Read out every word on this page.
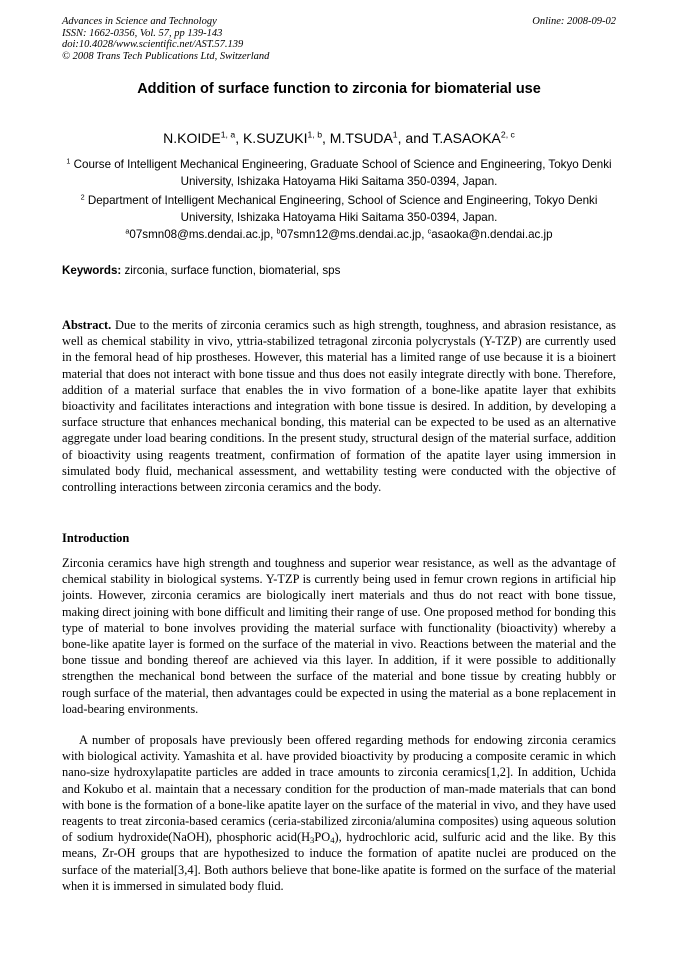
Advances in Science and Technology
ISSN: 1662-0356, Vol. 57, pp 139-143
doi:10.4028/www.scientific.net/AST.57.139
© 2008 Trans Tech Publications Ltd, Switzerland
Online: 2008-09-02
Addition of surface function to zirconia for biomaterial use
N.KOIDE$^{1, a}$, K.SUZUKI$^{1, b}$, M.TSUDA$^1$, and T.ASAOKA$^{2, c}$
$^1$ Course of Intelligent Mechanical Engineering, Graduate School of Science and Engineering, Tokyo Denki University, Ishizaka Hatoyama Hiki Saitama 350-0394, Japan.
$^2$ Department of Intelligent Mechanical Engineering, School of Science and Engineering, Tokyo Denki University, Ishizaka Hatoyama Hiki Saitama 350-0394, Japan.
$^a$07smn08@ms.dendai.ac.jp, $^b$07smn12@ms.dendai.ac.jp, $^c$asaoka@n.dendai.ac.jp
Keywords: zirconia, surface function, biomaterial, sps

Abstract. Due to the merits of zirconia ceramics such as high strength, toughness, and abrasion resistance, as well as chemical stability in vivo, yttria-stabilized tetragonal zirconia polycrystals (Y-TZP) are currently used in the femoral head of hip prostheses. However, this material has a limited range of use because it is a bioinert material that does not interact with bone tissue and thus does not easily integrate directly with bone. Therefore, addition of a material surface that enables the in vivo formation of a bone-like apatite layer that exhibits bioactivity and facilitates interactions and integration with bone tissue is desired. In addition, by developing a surface structure that enhances mechanical bonding, this material can be expected to be used as an alternative aggregate under load bearing conditions. In the present study, structural design of the material surface, addition of bioactivity using reagents treatment, confirmation of formation of the apatite layer using immersion in simulated body fluid, mechanical assessment, and wettability testing were conducted with the objective of controlling interactions between zirconia ceramics and the body.

Introduction

Zirconia ceramics have high strength and toughness and superior wear resistance, as well as the advantage of chemical stability in biological systems. Y-TZP is currently being used in femur crown regions in artificial hip joints. However, zirconia ceramics are biologically inert materials and thus do not react with bone tissue, making direct joining with bone difficult and limiting their range of use. One proposed method for bonding this type of material to bone involves providing the material surface with functionality (bioactivity) whereby a bone-like apatite layer is formed on the surface of the material in vivo. Reactions between the material and the bone tissue and bonding thereof are achieved via this layer. In addition, if it were possible to additionally strengthen the mechanical bond between the surface of the material and bone tissue by creating hubbly or rough surface of the material, then advantages could be expected in using the material as a bone replacement in load-bearing environments.

A number of proposals have previously been offered regarding methods for endowing zirconia ceramics with biological activity. Yamashita et al. have provided bioactivity by producing a composite ceramic in which nano-size hydroxylapatite particles are added in trace amounts to zirconia ceramics[1,2]. In addition, Uchida and Kokubo et al. maintain that a necessary condition for the production of man-made materials that can bond with bone is the formation of a bone-like apatite layer on the surface of the material in vivo, and they have used reagents to treat zirconia-based ceramics (ceria-stabilized zirconia/alumina composites) using aqueous solution of sodium hydroxide(NaOH), phosphoric $acid(H_3PO_4)$, hydrochloric acid, sulfuric acid and the like. By this means, Zr-OH groups that are hypothesized to induce the formation of apatite nuclei are produced on the surface of the material[3,4]. Both authors believe that bone-like apatite is formed on the surface of the material when it is immersed in simulated body fluid.
